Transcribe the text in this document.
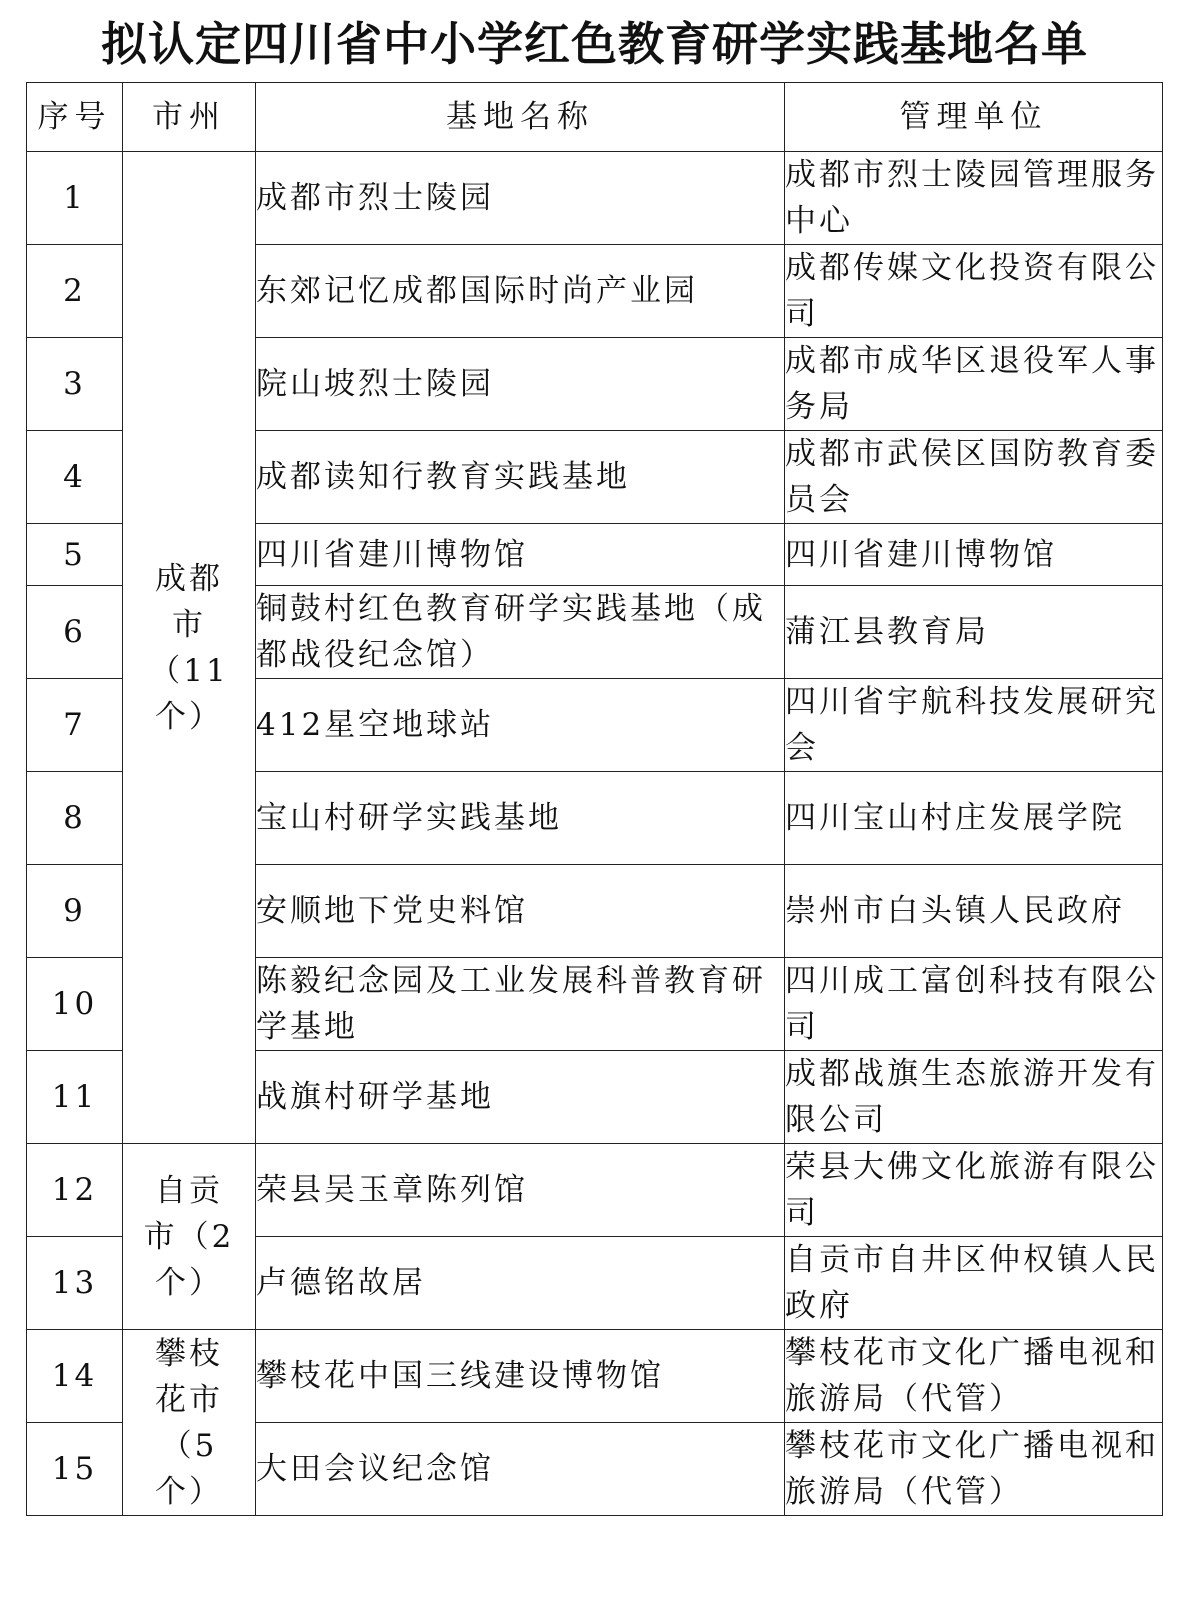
拟认定四川省中小学红色教育研学实践基地名单
序号	市州	基地名称	管理单位
1	成都市（11个）	成都市烈士陵园	成都市烈士陵园管理服务中心
2		东郊记忆成都国际时尚产业园	成都传媒文化投资有限公司
3		院山坡烈士陵园	成都市成华区退役军人事务局
4		成都读知行教育实践基地	成都市武侯区国防教育委员会
5		四川省建川博物馆	四川省建川博物馆
6		铜鼓村红色教育研学实践基地（成都战役纪念馆）	蒲江县教育局
7		412星空地球站	四川省宇航科技发展研究会
8		宝山村研学实践基地	四川宝山村庄发展学院
9		安顺地下党史料馆	崇州市白头镇人民政府
10		陈毅纪念园及工业发展科普教育研学基地	四川成工富创科技有限公司
11		战旗村研学基地	成都战旗生态旅游开发有限公司
12	自贡市（2个）	荣县吴玉章陈列馆	荣县大佛文化旅游有限公司
13		卢德铭故居	自贡市自井区仲权镇人民政府
14	攀枝花市（5个）	攀枝花中国三线建设博物馆	攀枝花市文化广播电视和旅游局（代管）
15		大田会议纪念馆	攀枝花市文化广播电视和旅游局（代管）
